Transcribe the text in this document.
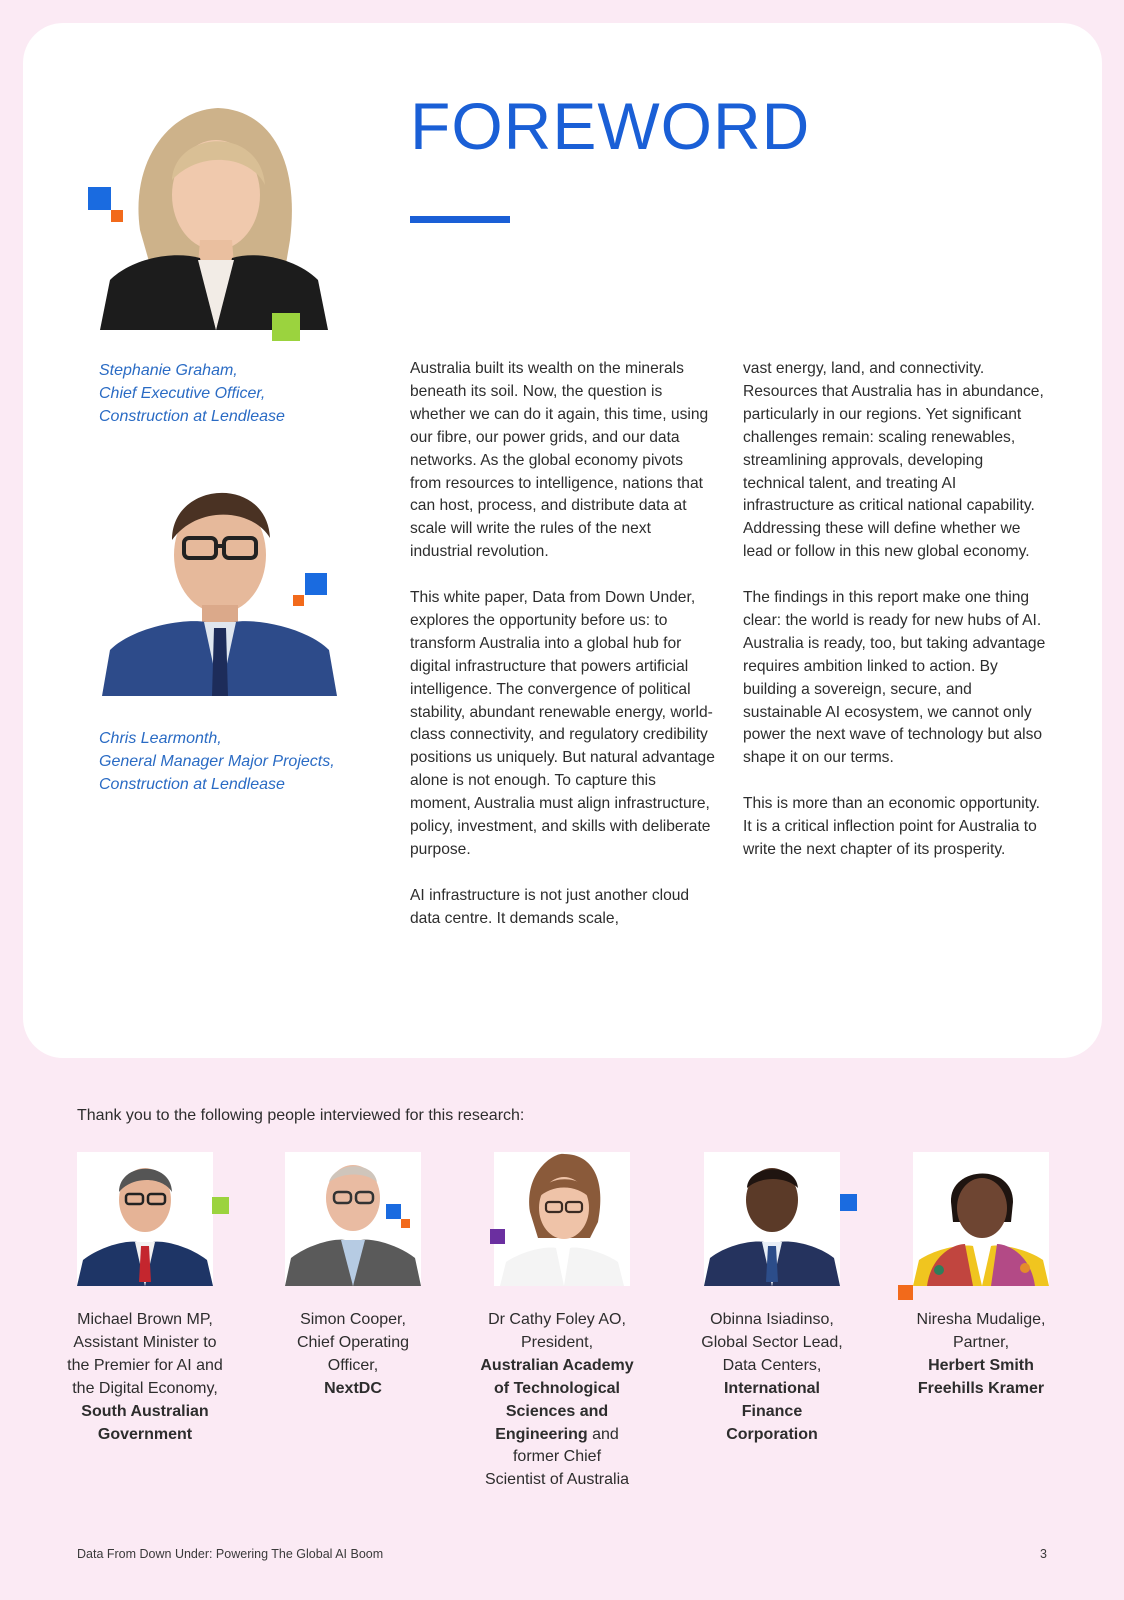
FOREWORD
Stephanie Graham,
Chief Executive Officer,
Construction at Lendlease
Chris Learmonth,
General Manager Major Projects,
Construction at Lendlease

Australia built its wealth on the minerals beneath its soil. Now, the question is whether we can do it again, this time, using our fibre, our power grids, and our data networks. As the global economy pivots from resources to intelligence, nations that can host, process, and distribute data at scale will write the rules of the next industrial revolution.

This white paper, Data from Down Under, explores the opportunity before us: to transform Australia into a global hub for digital infrastructure that powers artificial intelligence. The convergence of political stability, abundant renewable energy, world-class connectivity, and regulatory credibility positions us uniquely. But natural advantage alone is not enough. To capture this moment, Australia must align infrastructure, policy, investment, and skills with deliberate purpose.

AI infrastructure is not just another cloud data centre. It demands scale,

vast energy, land, and connectivity. Resources that Australia has in abundance, particularly in our regions. Yet significant challenges remain: scaling renewables, streamlining approvals, developing technical talent, and treating AI infrastructure as critical national capability. Addressing these will define whether we lead or follow in this new global economy.

The findings in this report make one thing clear: the world is ready for new hubs of AI. Australia is ready, too, but taking advantage requires ambition linked to action. By building a sovereign, secure, and sustainable AI ecosystem, we cannot only power the next wave of technology but also shape it on our terms.

This is more than an economic opportunity. It is a critical inflection point for Australia to write the next chapter of its prosperity.

Thank you to the following people interviewed for this research:
Michael Brown MP,
Assistant Minister to
the Premier for AI and
the Digital Economy,
South Australian
Government
Simon Cooper,
Chief Operating
Officer,
NextDC
Dr Cathy Foley AO,
President,
Australian Academy
of Technological
Sciences and
Engineering and
former Chief
Scientist of Australia
Obinna Isiadinso,
Global Sector Lead,
Data Centers,
International
Finance
Corporation
Niresha Mudalige,
Partner,
Herbert Smith
Freehills Kramer
Data From Down Under: Powering The Global AI Boom	3
